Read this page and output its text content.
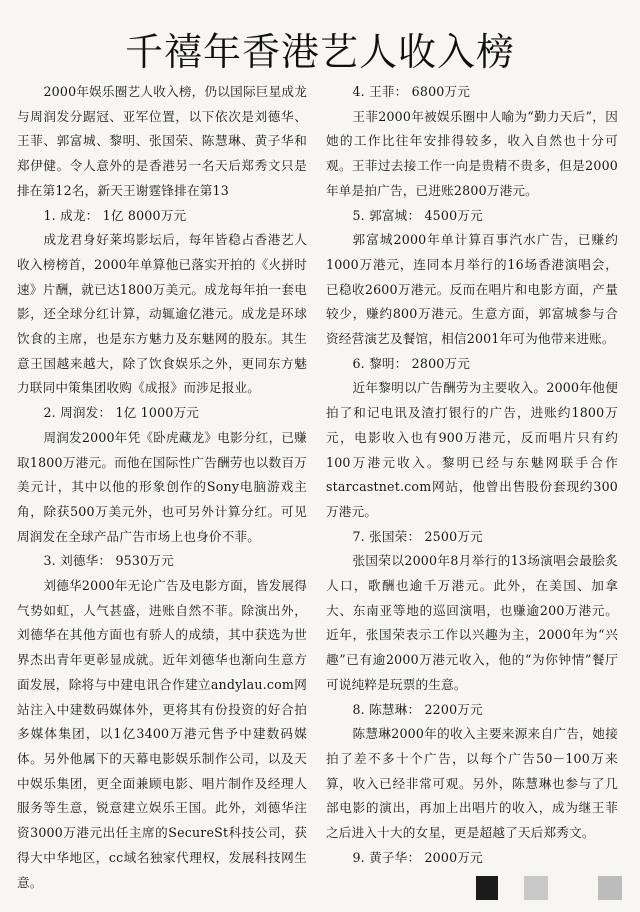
千禧年香港艺人收入榜

2000年娱乐圈艺人收入榜，仍以国际巨星成龙与周润发分踞冠、亚军位置，以下依次是刘德华、王菲、郭富城、黎明、张国荣、陈慧琳、黄子华和郑伊健。令人意外的是香港另一名天后郑秀文只是排在第12名，新天王谢霆锋排在第13

1. 成龙： 1亿 8000万元

成龙君身好莱坞影坛后，每年皆稳占香港艺人收入榜榜首，2000年单算他已落实开拍的《火拼时速》片酬，就已达1800万美元。成龙每年拍一套电影，还全球分红计算，动辄逾亿港元。成龙是环球饮食的主席，也是东方魅力及东魅网的股东。其生意王国越来越大，除了饮食娱乐之外，更同东方魅力联同中策集团收购《成报》而涉足报业。

2. 周润发： 1亿 1000万元

周润发2000年凭《卧虎藏龙》电影分红，已赚取1800万港元。而他在国际性广告酬劳也以数百万美元计，其中以他的形象创作的Sony电脑游戏主角，除获500万美元外，也可另外计算分红。可见周润发在全球产品广告市场上也身价不菲。

3. 刘德华： 9530万元

刘德华2000年无论广告及电影方面，皆发展得气势如虹，人气甚盛，进账自然不菲。除演出外，刘德华在其他方面也有骄人的成绩，其中获选为世界杰出青年更彰显成就。近年刘德华也渐向生意方面发展，除将与中建电讯合作建立andylau.com网站注入中建数码媒体外，更将其有份投资的好合拍多媒体集团，以1亿3400万港元售予中建数码媒体。另外他属下的天幕电影娱乐制作公司，以及天中娱乐集团，更全面兼顾电影、唱片制作及经理人服务等生意，锐意建立娱乐王国。此外，刘德华注资3000万港元出任主席的SecureSt科技公司，获得大中华地区，cc域名独家代理权，发展科技网生意。

4. 王菲： 6800万元

王菲2000年被娱乐圈中人喻为“勤力天后”，因她的工作比往年安排得较多，收入自然也十分可观。王菲过去接工作一向是贵精不贵多，但是2000年单是拍广告，已进账2800万港元。

5. 郭富城： 4500万元

郭富城2000年单计算百事汽水广告，已赚约1000万港元，连同本月举行的16场香港演唱会，已稳收2600万港元。反而在唱片和电影方面，产量较少，赚约800万港元。生意方面，郭富城参与合资经营演艺及餐馆，相信2001年可为他带来进账。

6. 黎明： 2800万元

近年黎明以广告酬劳为主要收入。2000年他便拍了和记电讯及渣打银行的广告，进账约1800万元，电影收入也有900万港元，反而唱片只有约100万港元收入。黎明已经与东魅网联手合作starcastnet.com网站，他曾出售股份套现约300万港元。

7. 张国荣： 2500万元

张国荣以2000年8月举行的13场演唱会最脍炙人口，歌酬也逾千万港元。此外，在美国、加拿大、东南亚等地的巡回演唱，也赚逾200万港元。近年，张国荣表示工作以兴趣为主，2000年为“兴趣”已有逾2000万港元收入，他的“为你钟情”餐厅可说纯粹是玩票的生意。

8. 陈慧琳： 2200万元

陈慧琳2000年的收入主要来源来自广告，她接拍了差不多十个广告，以每个广告50－100万来算，收入已经非常可观。另外，陈慧琳也参与了几部电影的演出，再加上出唱片的收入，成为继王菲之后进入十大的女星，更是超越了天后郑秀文。

9. 黄子华： 2000万元
